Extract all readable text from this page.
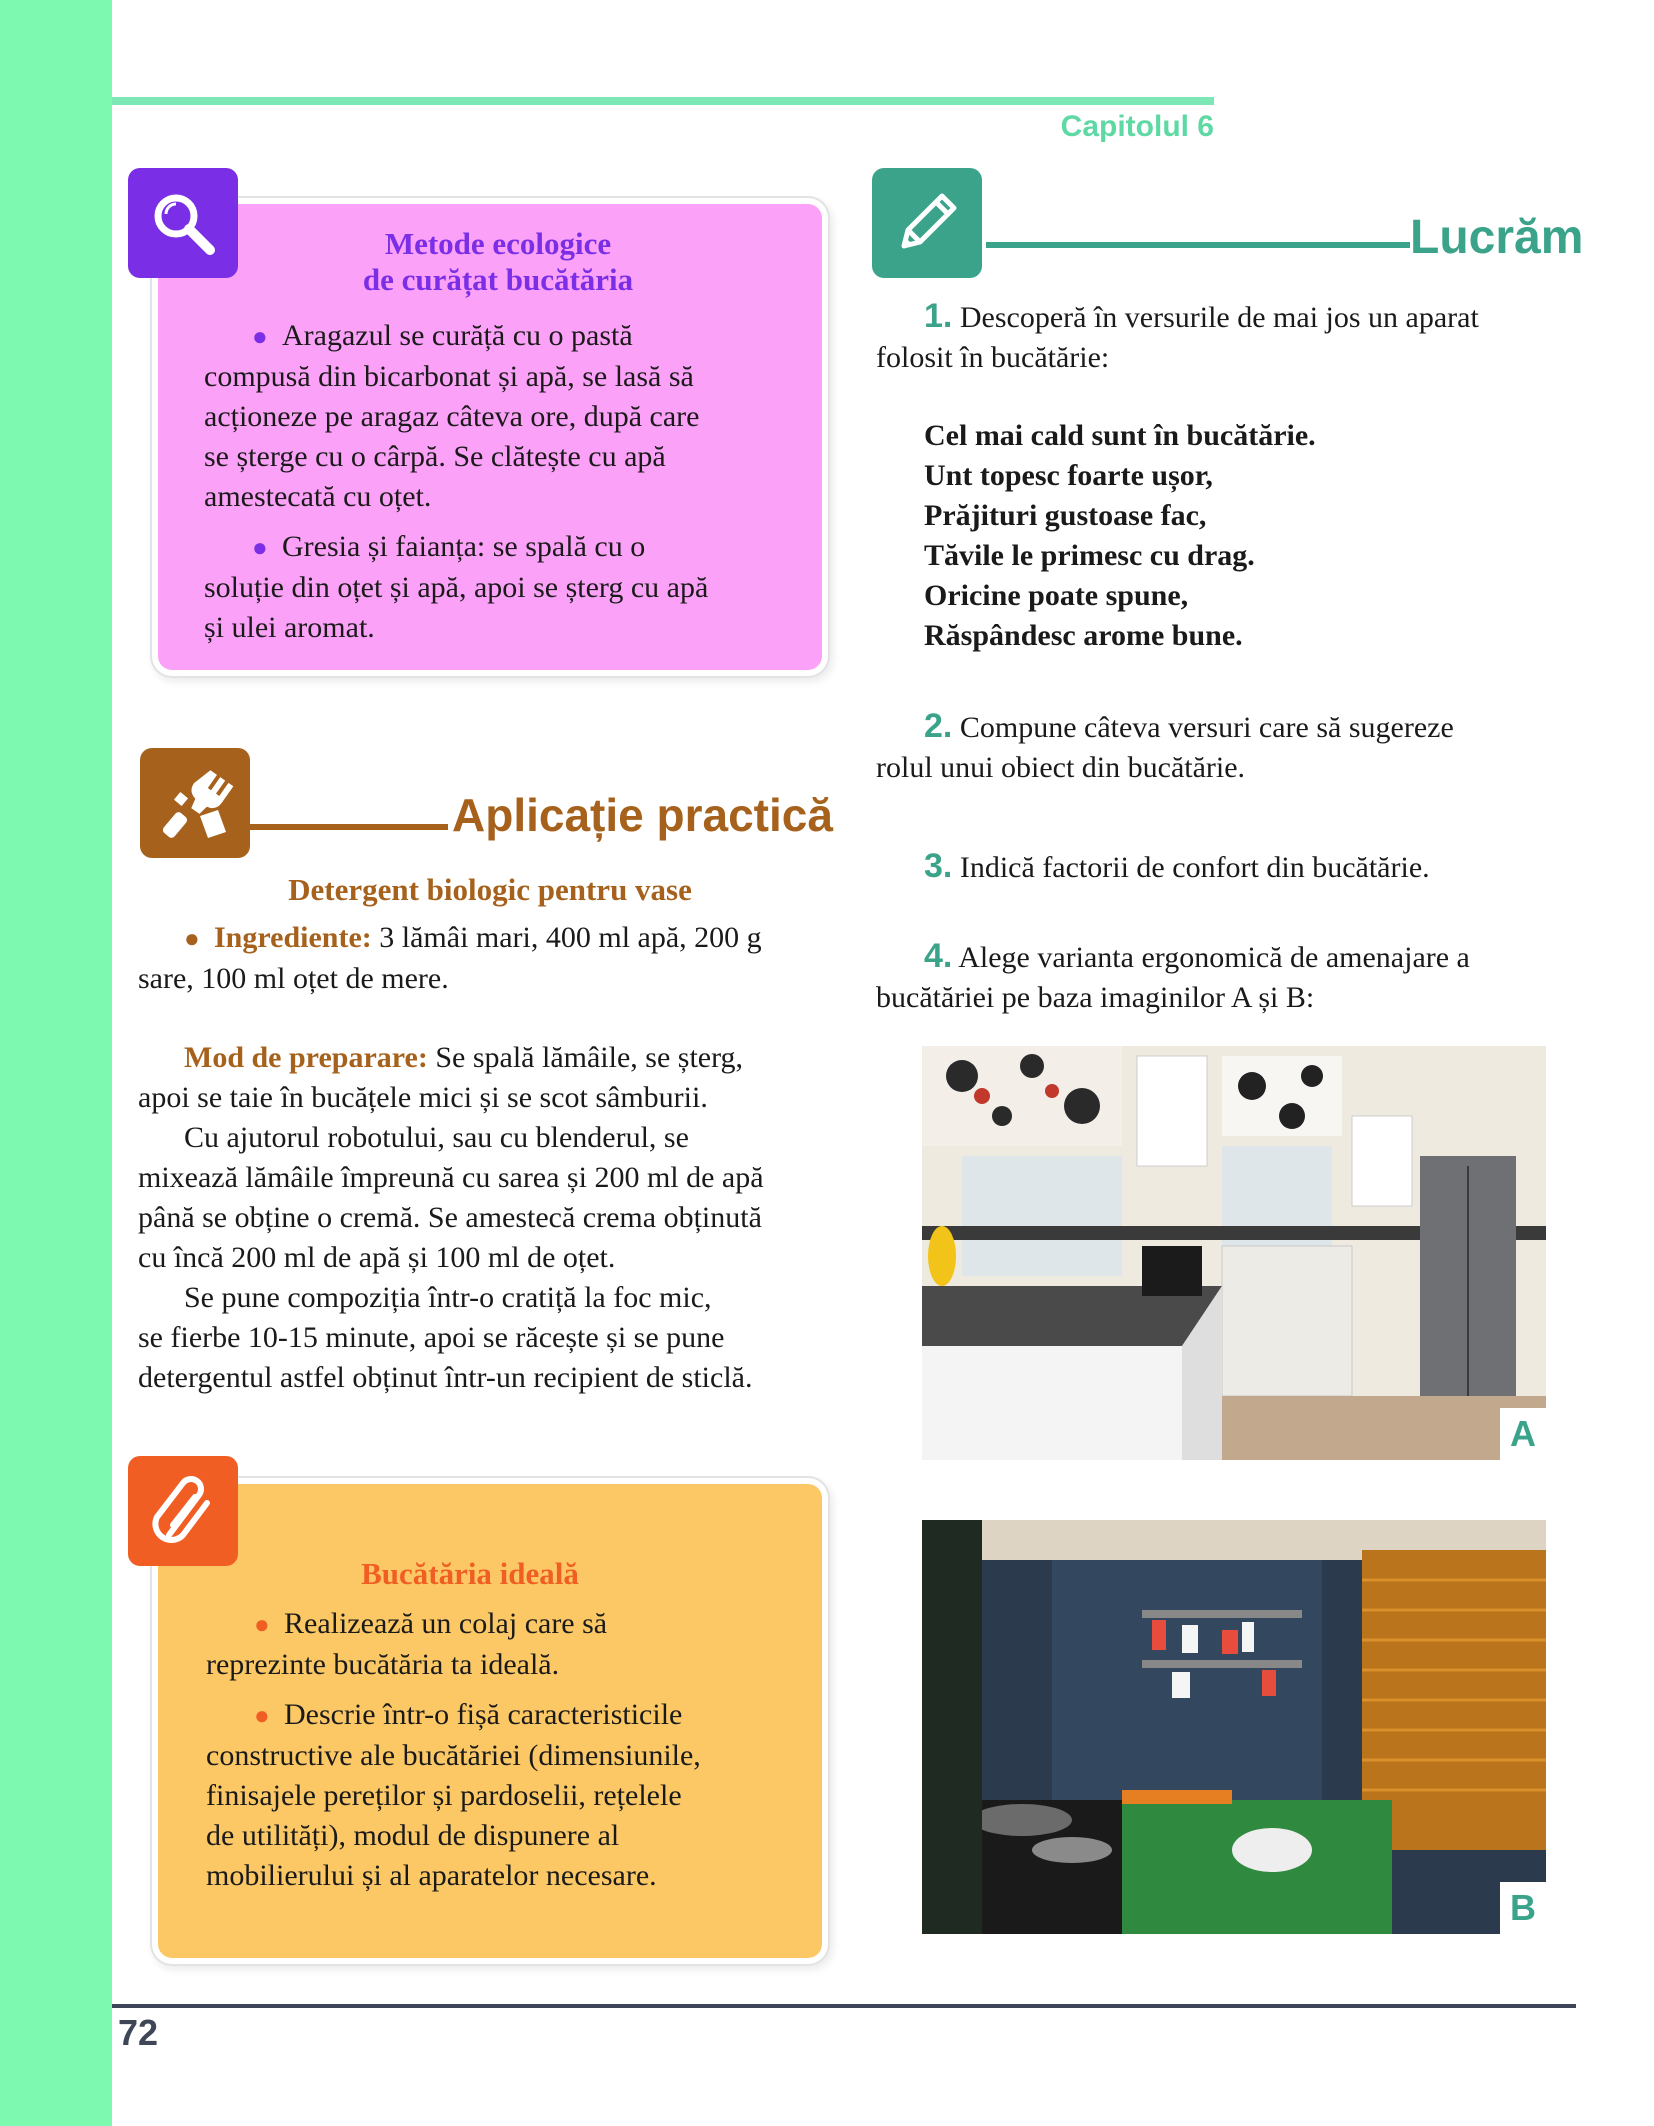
Capitolul 6
Metode ecologice
de curățat bucătăria
● Aragazul se curăță cu o pastă
compusă din bicarbonat și apă, se lasă să
acționeze pe aragaz câteva ore, după care
se șterge cu o cârpă. Se clătește cu apă
amestecată cu oțet.
● Gresia și faianța: se spală cu o
soluție din oțet și apă, apoi se șterg cu apă
și ulei aromat.
Aplicație practică
Detergent biologic pentru vase
● Ingrediente: 3 lămâi mari, 400 ml apă, 200 g
sare, 100 ml oțet de mere.
Mod de preparare: Se spală lămâile, se șterg,
apoi se taie în bucățele mici și se scot sâmburii.
Cu ajutorul robotului, sau cu blenderul, se
mixează lămâile împreună cu sarea și 200 ml de apă
până se obține o cremă. Se amestecă crema obținută
cu încă 200 ml de apă și 100 ml de oțet.
Se pune compoziția într-o cratiță la foc mic,
se fierbe 10-15 minute, apoi se răcește și se pune
detergentul astfel obținut într-un recipient de sticlă.
Bucătăria ideală
● Realizează un colaj care să
reprezinte bucătăria ta ideală.
● Descrie într-o fișă caracteristicile
constructive ale bucătăriei (dimensiunile,
finisajele pereților și pardoselii, rețelele
de utilități), modul de dispunere al
mobilierului și al aparatelor necesare.
Lucrăm
1. Descoperă în versurile de mai jos un aparat
folosit în bucătărie:
Cel mai cald sunt în bucătărie.
Unt topesc foarte ușor,
Prăjituri gustoase fac,
Tăvile le primesc cu drag.
Oricine poate spune,
Răspândesc arome bune.
2. Compune câteva versuri care să sugereze
rolul unui obiect din bucătărie.
3. Indică factorii de confort din bucătărie.
4. Alege varianta ergonomică de amenajare a
bucătăriei pe baza imaginilor A și B:
A
B
72
